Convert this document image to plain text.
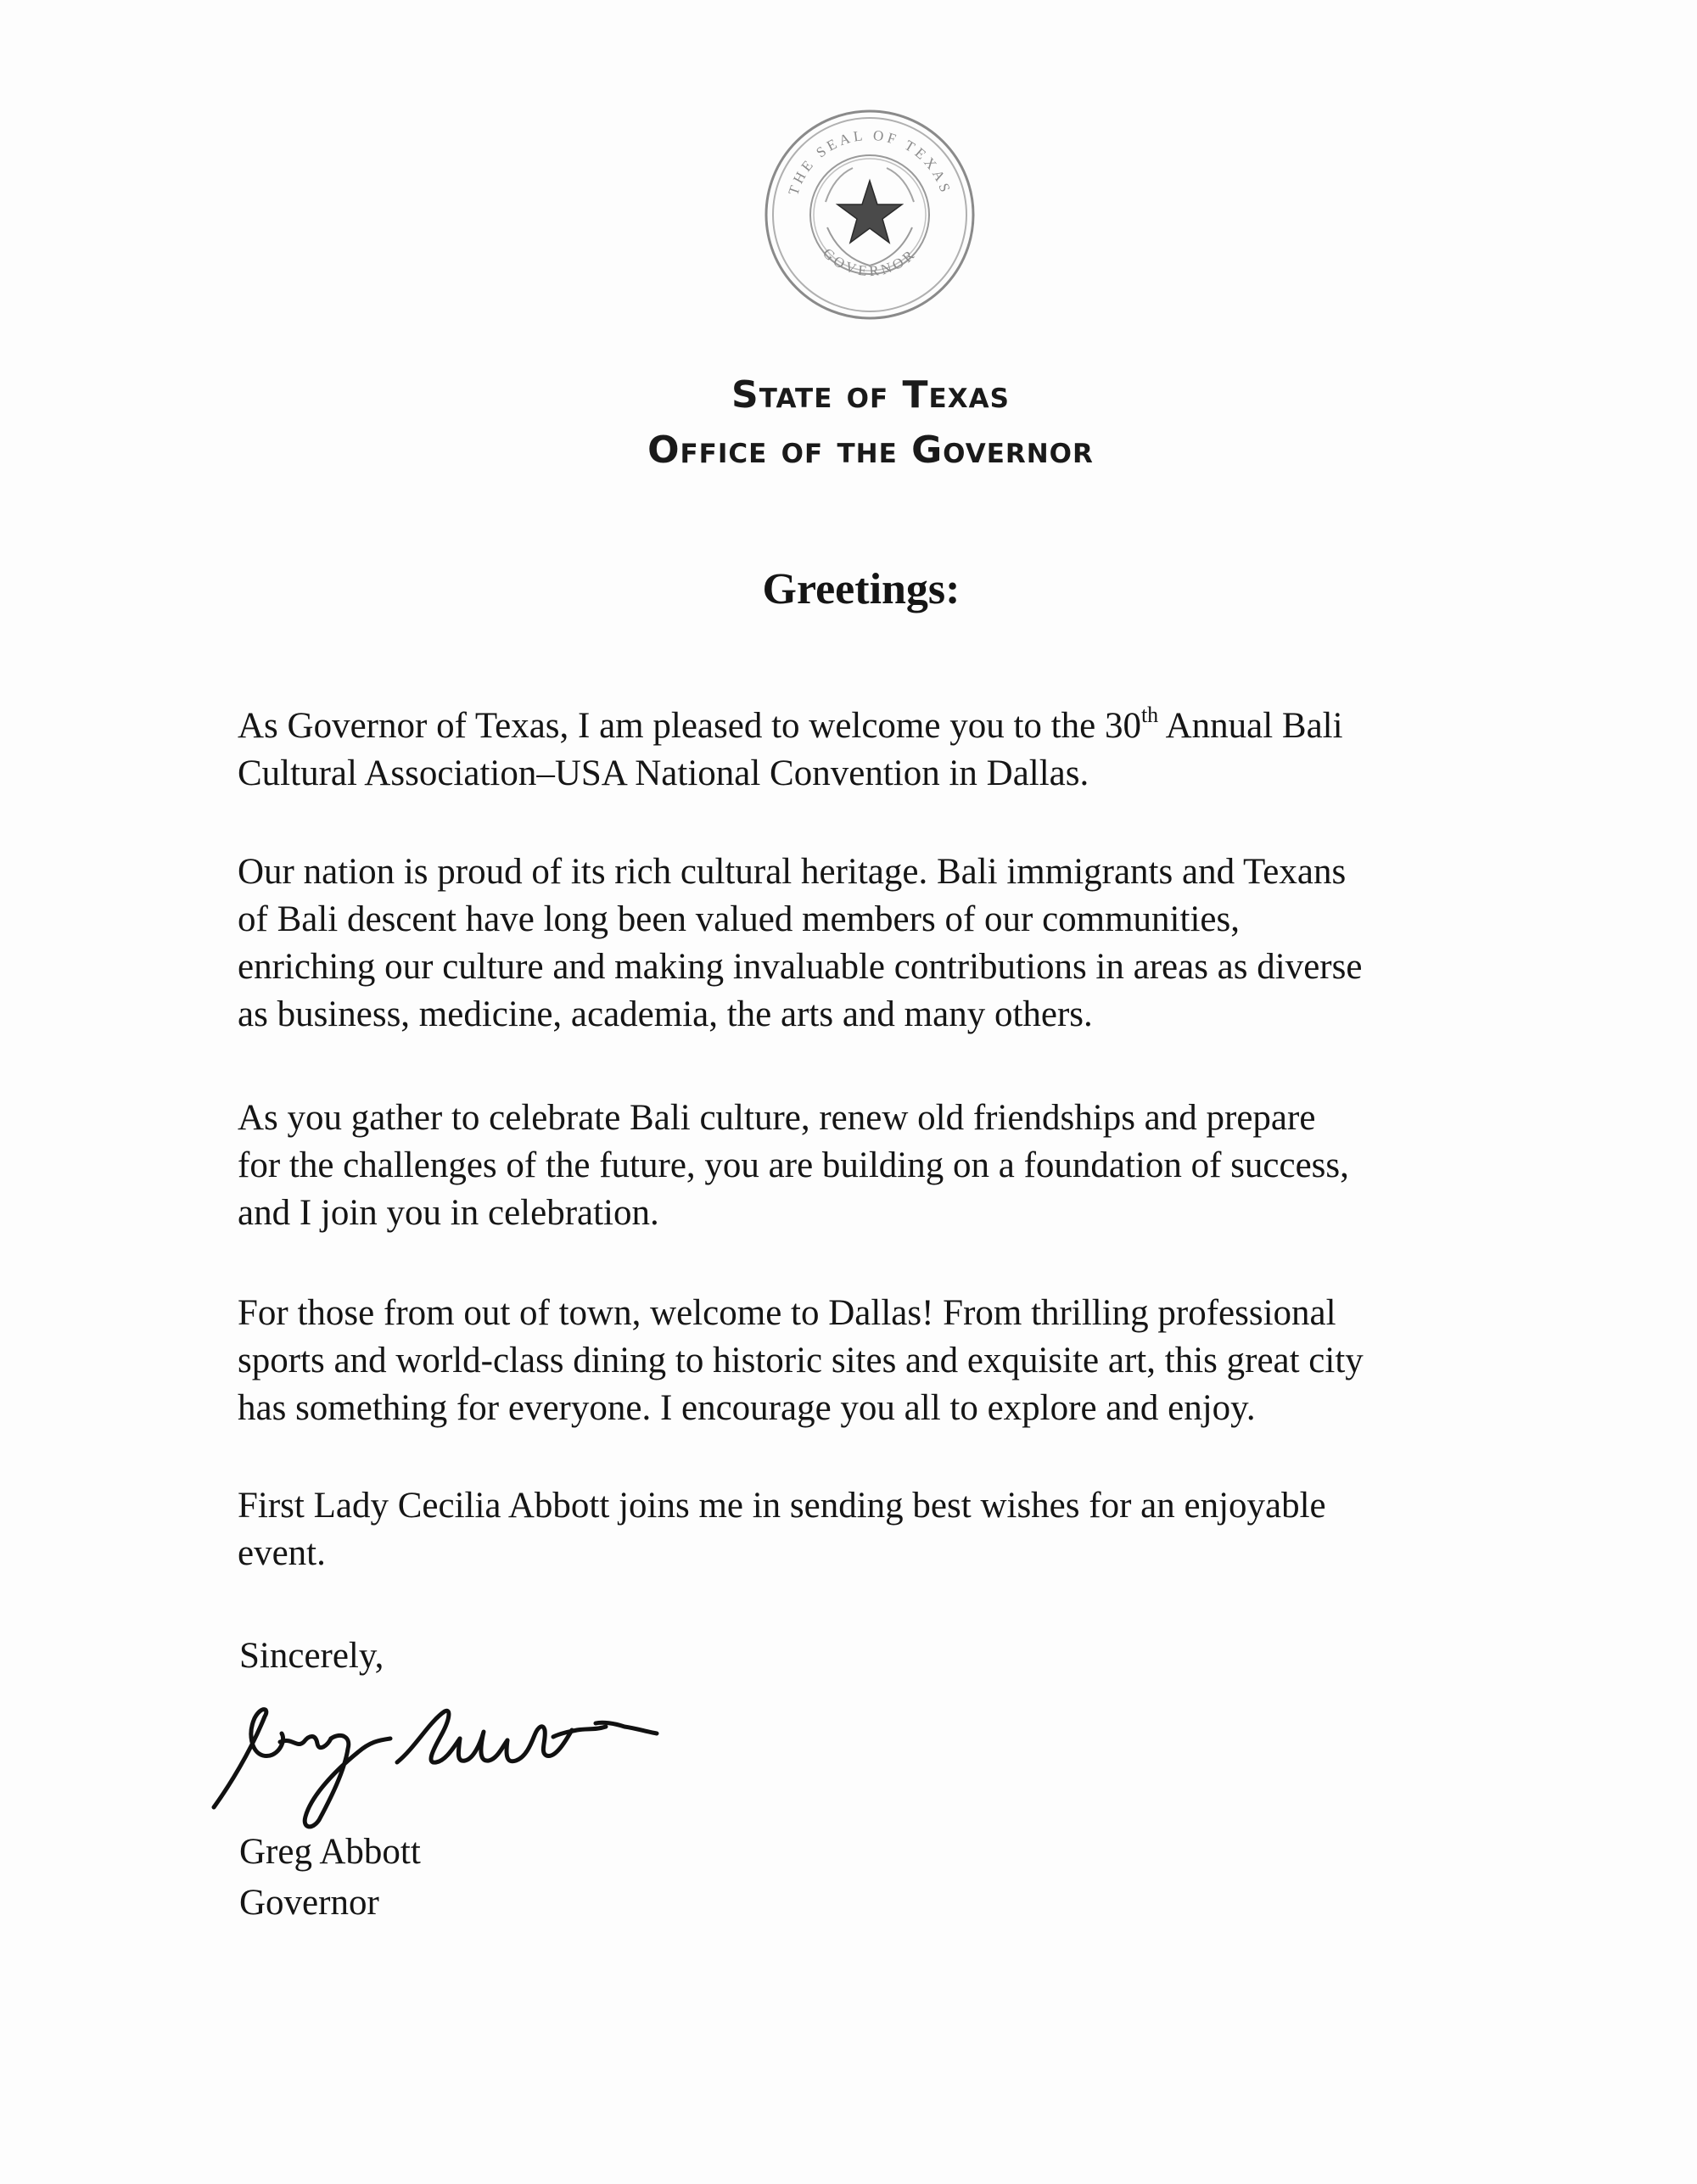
THE SEAL OF TEXAS
GOVERNOR
State of Texas
Office of the Governor
Greetings:
As Governor of Texas, I am pleased to welcome you to the 30th Annual Bali
Cultural Association–USA National Convention in Dallas.
Our nation is proud of its rich cultural heritage. Bali immigrants and Texans
of Bali descent have long been valued members of our communities,
enriching our culture and making invaluable contributions in areas as diverse
as business, medicine, academia, the arts and many others.
As you gather to celebrate Bali culture, renew old friendships and prepare
for the challenges of the future, you are building on a foundation of success,
and I join you in celebration.
For those from out of town, welcome to Dallas! From thrilling professional
sports and world-class dining to historic sites and exquisite art, this great city
has something for everyone. I encourage you all to explore and enjoy.
First Lady Cecilia Abbott joins me in sending best wishes for an enjoyable
event.
Sincerely,
Greg Abbott
Governor
